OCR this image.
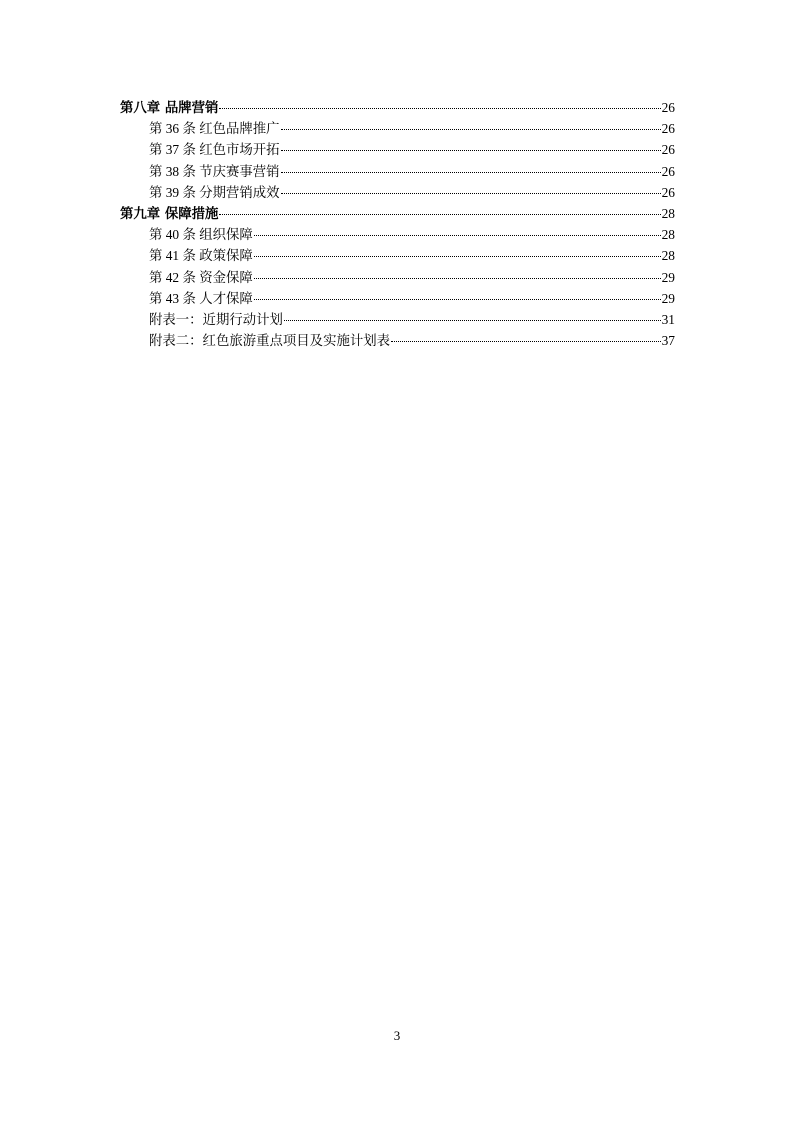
第八章 品牌营销	26
第 36 条 红色品牌推广	26
第 37 条 红色市场开拓	26
第 38 条 节庆赛事营销	26
第 39 条 分期营销成效	26
第九章 保障措施	28
第 40 条 组织保障	28
第 41 条 政策保障	28
第 42 条 资金保障	29
第 43 条 人才保障	29
附表一：近期行动计划	31
附表二：红色旅游重点项目及实施计划表	37
3
